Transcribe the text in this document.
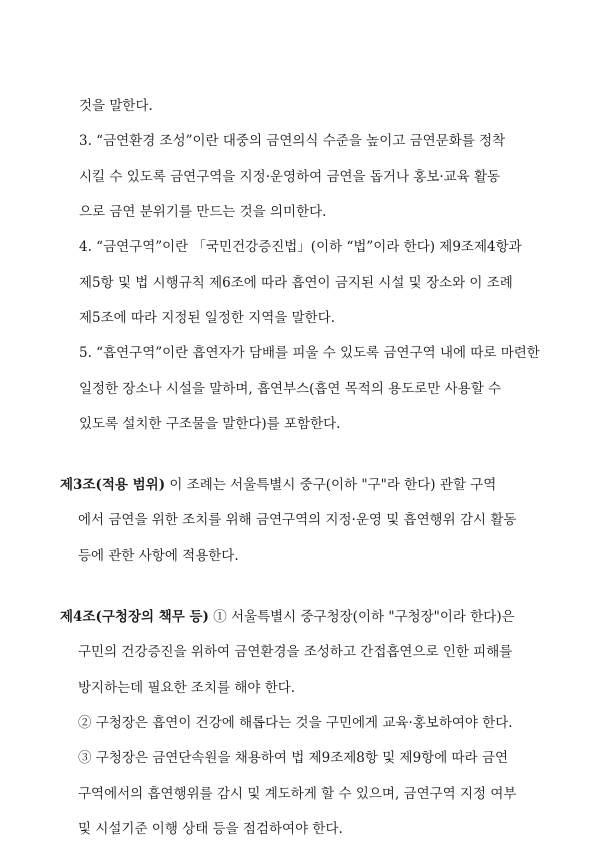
것을 말한다.

3. “금연환경 조성”이란 대중의 금연의식 수준을 높이고 금연문화를 정착

시킬 수 있도록 금연구역을 지정·운영하여 금연을 돕거나 홍보·교육 활동

으로 금연 분위기를 만드는 것을 의미한다.

4. “금연구역”이란 「국민건강증진법」(이하 “법”이라 한다) 제9조제4항과

제5항 및 법 시행규칙 제6조에 따라 흡연이 금지된 시설 및 장소와 이 조례

제5조에 따라 지정된 일정한 지역을 말한다.

5. “흡연구역”이란 흡연자가 담배를 피울 수 있도록 금연구역 내에 따로 마련한

일정한 장소나 시설을 말하며, 흡연부스(흡연 목적의 용도로만 사용할 수

있도록 설치한 구조물을 말한다)를 포함한다.

제3조(적용 범위) 이 조례는 서울특별시 중구(이하 "구"라 한다) 관할 구역

에서 금연을 위한 조치를 위해 금연구역의 지정·운영 및 흡연행위 감시 활동

등에 관한 사항에 적용한다.

제4조(구청장의 책무 등) ① 서울특별시 중구청장(이하 "구청장"이라 한다)은

구민의 건강증진을 위하여 금연환경을 조성하고 간접흡연으로 인한 피해를

방지하는데 필요한 조치를 해야 한다.

② 구청장은 흡연이 건강에 해롭다는 것을 구민에게 교육·홍보하여야 한다.

③ 구청장은 금연단속원을 채용하여 법 제9조제8항 및 제9항에 따라 금연

구역에서의 흡연행위를 감시 및 계도하게 할 수 있으며, 금연구역 지정 여부

및 시설기준 이행 상태 등을 점검하여야 한다.
